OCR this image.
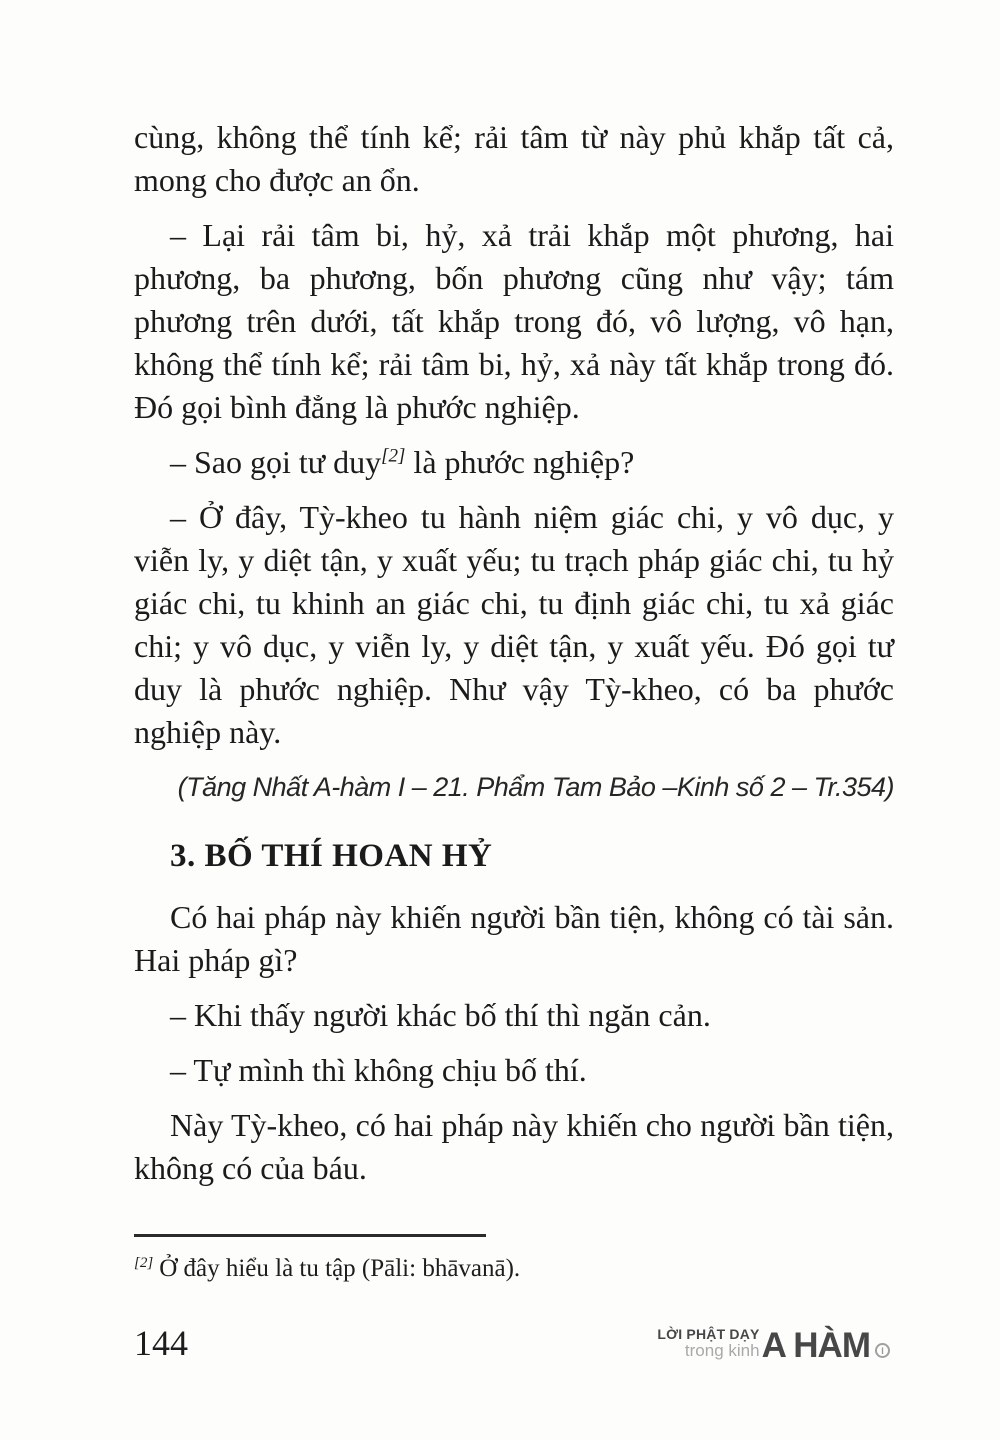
cùng, không thể tính kể; rải tâm từ này phủ khắp tất cả, mong cho được an ổn.

– Lại rải tâm bi, hỷ, xả trải khắp một phương, hai phương, ba phương, bốn phương cũng như vậy; tám phương trên dưới, tất khắp trong đó, vô lượng, vô hạn, không thể tính kể; rải tâm bi, hỷ, xả này tất khắp trong đó. Đó gọi bình đẳng là phước nghiệp.

– Sao gọi tư duy[2] là phước nghiệp?

– Ở đây, Tỳ-kheo tu hành niệm giác chi, y vô dục, y viễn ly, y diệt tận, y xuất yếu; tu trạch pháp giác chi, tu hỷ giác chi, tu khinh an giác chi, tu định giác chi, tu xả giác chi; y vô dục, y viễn ly, y diệt tận, y xuất yếu. Đó gọi tư duy là phước nghiệp. Như vậy Tỳ-kheo, có ba phước nghiệp này.

(Tăng Nhất A-hàm I – 21. Phẩm Tam Bảo –Kinh số 2 – Tr.354)

3. BỐ THÍ HOAN HỶ

Có hai pháp này khiến người bần tiện, không có tài sản. Hai pháp gì?

– Khi thấy người khác bố thí thì ngăn cản.

– Tự mình thì không chịu bố thí.

Này Tỳ-kheo, có hai pháp này khiến cho người bần tiện, không có của báu.

[2] Ở đây hiểu là tu tập (Pāli: bhāvanā).
144	LỜI PHẬT DẠY
trong kinh A HÀM	I
